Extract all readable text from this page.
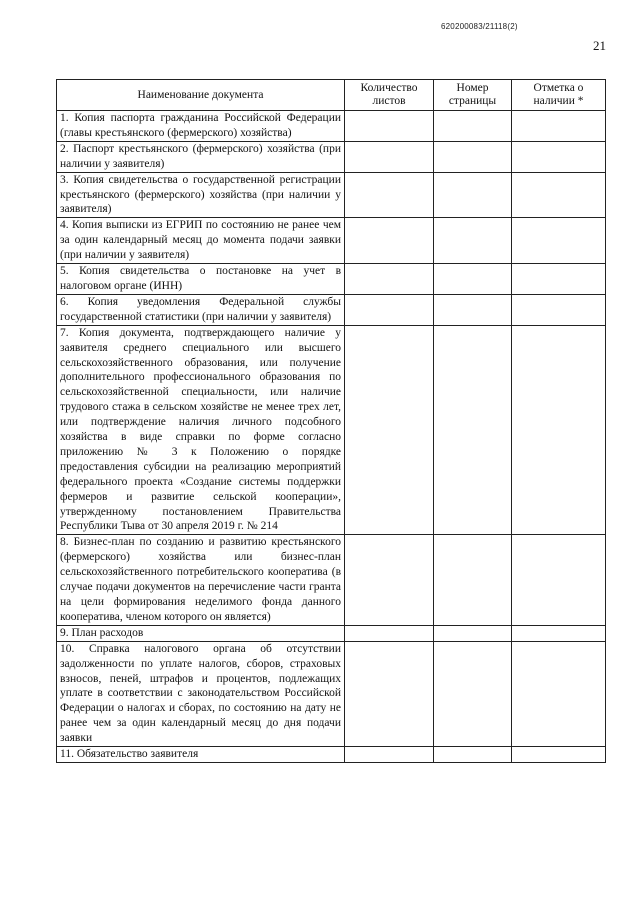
620200083/21118(2)
21
Наименование документа	Количество листов	Номер страницы	Отметка о наличии *
1. Копия паспорта гражданина Российской Федерации (главы крестьянского (фермерского) хозяйства)			
2. Паспорт крестьянского (фермерского) хозяйства (при наличии у заявителя)			
3. Копия свидетельства о государственной регистрации крестьянского (фермерского) хозяйства (при наличии у заявителя)			
4. Копия выписки из ЕГРИП по состоянию не ранее чем за один календарный месяц до момента подачи заявки (при наличии у заявителя)			
5. Копия свидетельства о постановке на учет в налоговом органе (ИНН)			
6. Копия уведомления Федеральной службы государственной статистики (при наличии у заявителя)			
7. Копия документа, подтверждающего наличие у заявителя среднего специального или высшего сельскохозяйственного образования, или получение дополнительного профессионального образования по сельскохозяйственной специальности, или наличие трудового стажа в сельском хозяйстве не менее трех лет, или подтверждение наличия личного подсобного хозяйства в виде справки по форме согласно приложению № 3 к Положению о порядке предоставления субсидии на реализацию мероприятий федерального проекта «Создание системы поддержки фермеров и развитие сельской кооперации», утвержденному постановлением Правительства Республики Тыва от 30 апреля 2019 г. № 214			
8. Бизнес-план по созданию и развитию крестьянского (фермерского) хозяйства или бизнес-план сельскохозяйственного потребительского кооператива (в случае подачи документов на перечисление части гранта на цели формирования неделимого фонда данного кооператива, членом которого он является)			
9. План расходов			
10. Справка налогового органа об отсутствии задолженности по уплате налогов, сборов, страховых взносов, пеней, штрафов и процентов, подлежащих уплате в соответствии с законодательством Российской Федерации о налогах и сборах, по состоянию на дату не ранее чем за один календарный месяц до дня подачи заявки			
11. Обязательство заявителя			
